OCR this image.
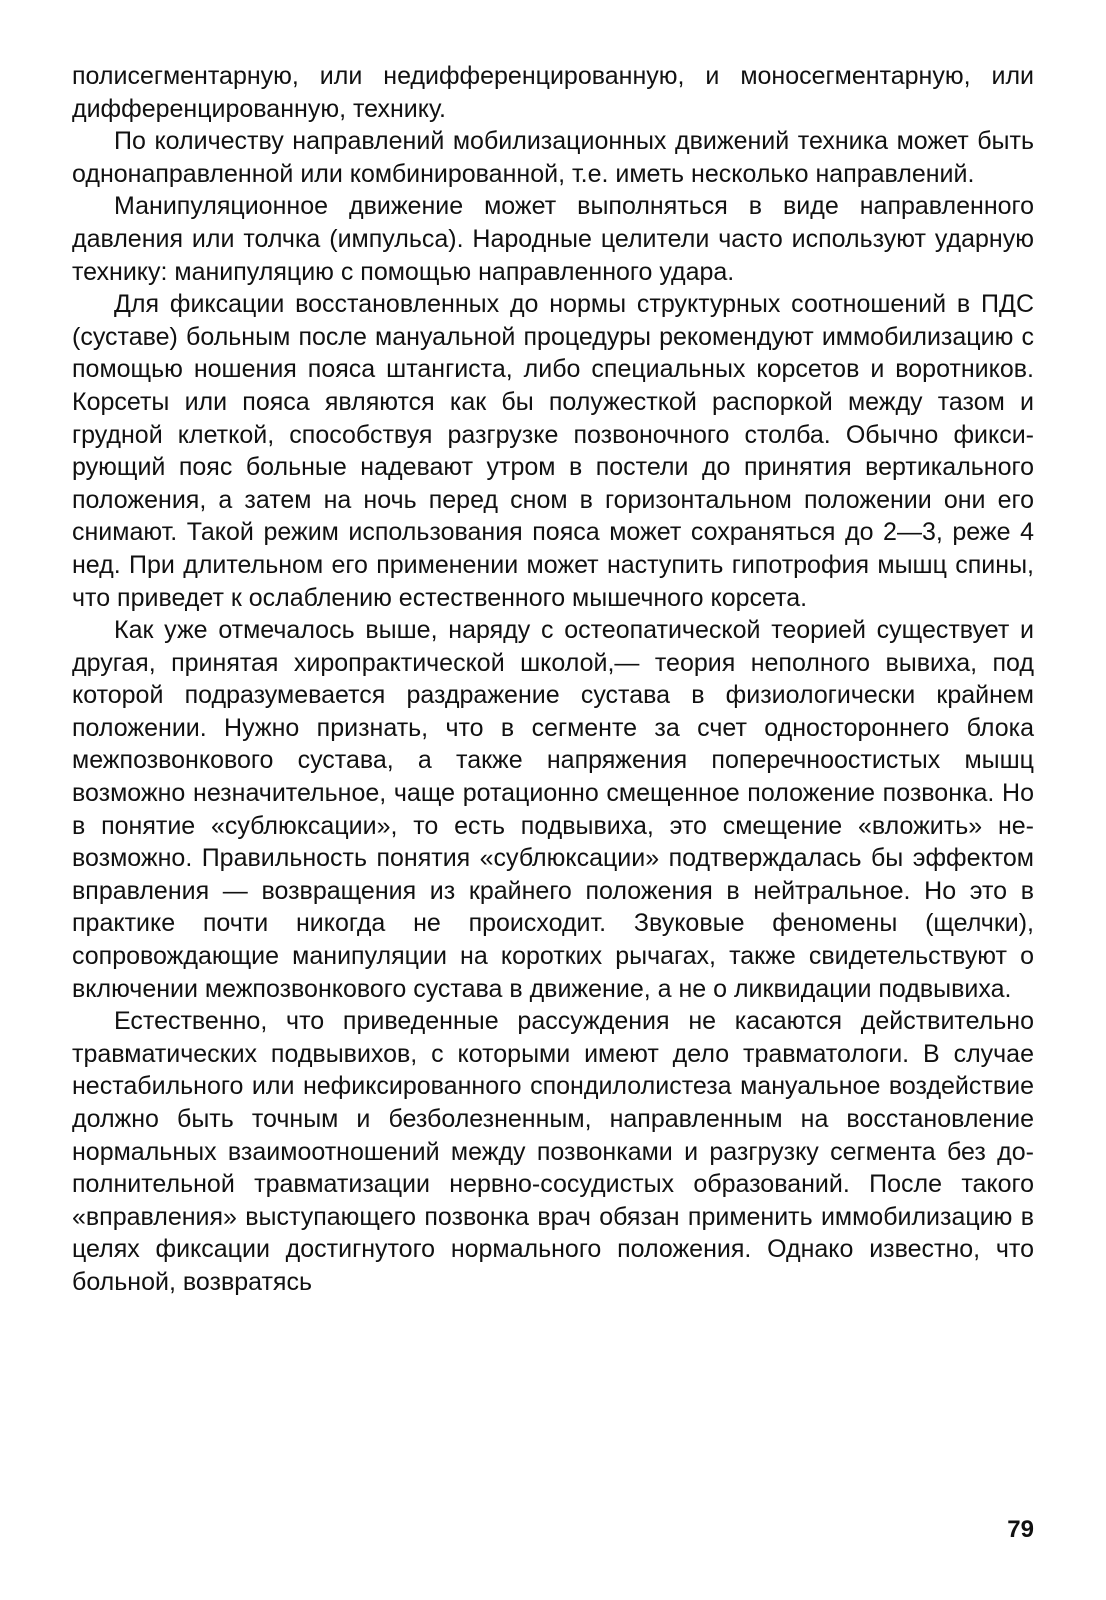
полисегментарную, или недифференцированную, и моносегментарную, или дифференцированную, технику.

По количеству направлений мобилизационных движений техника может быть однонаправленной или комбинированной, т.е. иметь несколько направлений.

Манипуляционное движение может выполняться в виде направленного давления или толчка (импульса). Народные целители часто используют ударную технику: манипуляцию с помощью направленного удара.

Для фиксации восстановленных до нормы структурных соотношений в ПДС (суставе) больным после мануальной процедуры рекомендуют иммобилизацию с помощью ношения пояса штангиста, либо специальных корсетов и воротников. Корсеты или пояса являются как бы полужесткой распоркой между тазом и грудной клеткой, способствуя разгрузке позвоночного столба. Обычно фиксирующий пояс больные надевают утром в постели до принятия вертикального положения, а затем на ночь перед сном в горизонтальном положении они его снимают. Такой режим использования пояса может сохраняться до 2—3, реже 4 нед. При длительном его применении может наступить гипотрофия мышц спины, что приведет к ослаблению естественного мышечного корсета.

Как уже отмечалось выше, наряду с остеопатической теорией существует и другая, принятая хиропрактической школой,— теория неполного вывиха, под которой подразумевается раздражение сустава в физиологически крайнем положении. Нужно признать, что в сегменте за счет одностороннего блока межпозвонкового сустава, а также напряжения поперечноостистых мышц возможно незначительное, чаще ротационно смещенное положение позвонка. Но в понятие «сублюксации», то есть подвывиха, это смещение «вложить» невозможно. Правильность понятия «сублюксации» подтверждалась бы эффектом вправления — возвращения из крайнего положения в нейтральное. Но это в практике почти никогда не происходит. Звуковые феномены (щелчки), сопровождающие манипуляции на коротких рычагах, также свидетельствуют о включении межпозвонкового сустава в движение, а не о ликвидации подвывиха.

Естественно, что приведенные рассуждения не касаются действительно травматических подвывихов, с которыми имеют дело травматологи. В случае нестабильного или нефиксированного спондилолистеза мануальное воздействие должно быть точным и безболезненным, направленным на восстановление нормальных взаимоотношений между позвонками и разгрузку сегмента без дополнительной травматизации нервно-сосудистых образований. После такого «вправления» выступающего позвонка врач обязан применить иммобилизацию в целях фиксации достигнутого нормального положения. Однако известно, что больной, возвратясь

79
